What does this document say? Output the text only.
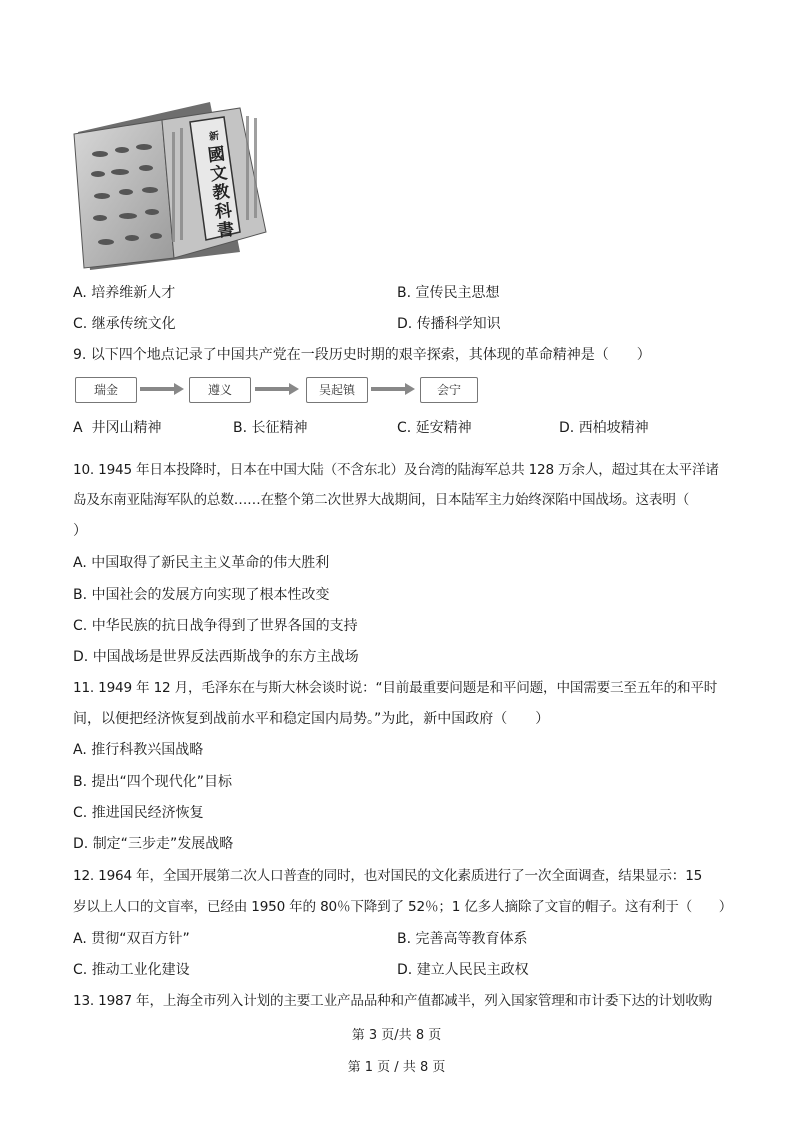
新
國
文
教
科
書
A. 培养维新人才	B. 宣传民主思想
C. 继承传统文化	D. 传播科学知识
9. 以下四个地点记录了中国共产党在一段历史时期的艰辛探索，其体现的革命精神是（　　）
瑞金	遵义	吴起镇	会宁
A 井冈山精神	B. 长征精神	C. 延安精神	D. 西柏坡精神
10. 1945 年日本投降时，日本在中国大陆（不含东北）及台湾的陆海军总共 128 万余人，超过其在太平洋诸
岛及东南亚陆海军队的总数……在整个第二次世界大战期间，日本陆军主力始终深陷中国战场。这表明（
）
A. 中国取得了新民主主义革命的伟大胜利
B. 中国社会的发展方向实现了根本性改变
C. 中华民族的抗日战争得到了世界各国的支持
D. 中国战场是世界反法西斯战争的东方主战场
11. 1949 年 12 月，毛泽东在与斯大林会谈时说：“目前最重要问题是和平问题，中国需要三至五年的和平时
间，以便把经济恢复到战前水平和稳定国内局势。”为此，新中国政府（　　）
A. 推行科教兴国战略
B. 提出“四个现代化”目标
C. 推进国民经济恢复
D. 制定“三步走”发展战略
12. 1964 年，全国开展第二次人口普查的同时，也对国民的文化素质进行了一次全面调查，结果显示：15
岁以上人口的文盲率，已经由 1950 年的 80％下降到了 52％；1 亿多人摘除了文盲的帽子。这有利于（　　）
A. 贯彻“双百方针”	B. 完善高等教育体系
C. 推动工业化建设	D. 建立人民民主政权
13. 1987 年，上海全市列入计划的主要工业产品品种和产值都减半，列入国家管理和市计委下达的计划收购
第 3 页/共 8 页
第 1 页 / 共 8 页
